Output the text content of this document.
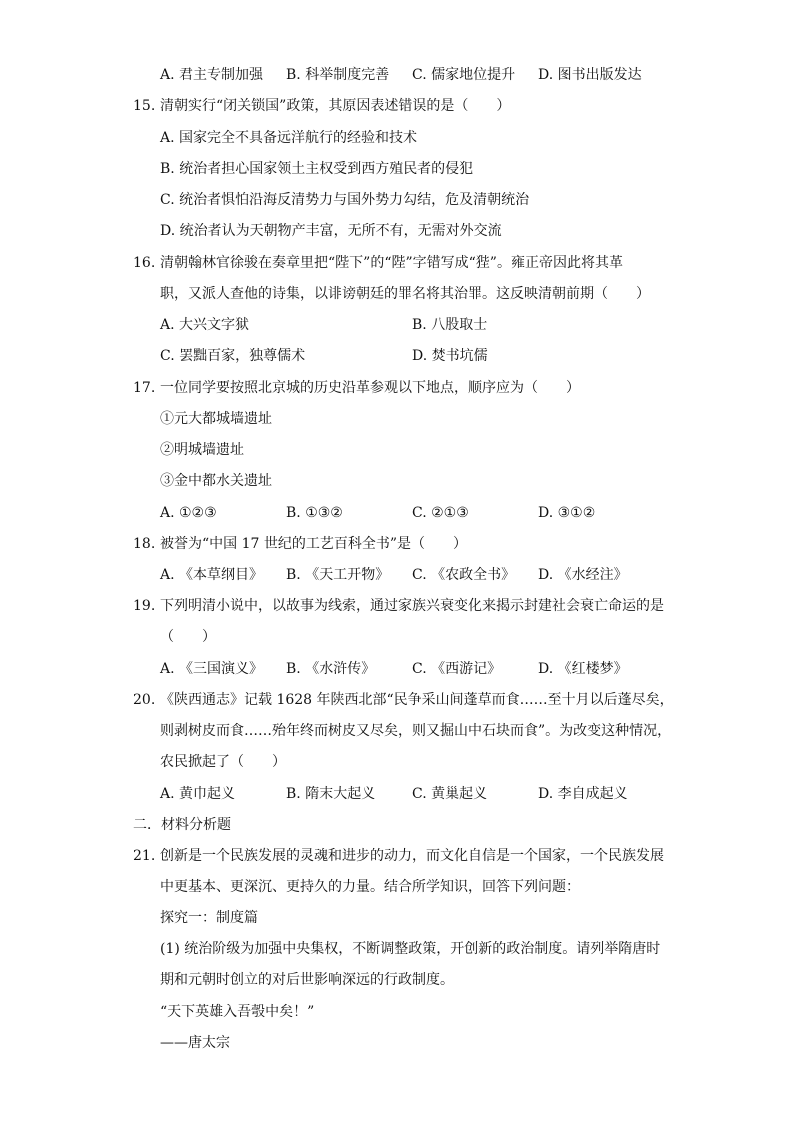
A. 君主专制加强 B. 科举制度完善 C. 儒家地位提升 D. 图书出版发达
15. 清朝实行“闭关锁国”政策，其原因表述错误的是（　　）
A. 国家完全不具备远洋航行的经验和技术
B. 统治者担心国家领土主权受到西方殖民者的侵犯
C. 统治者惧怕沿海反清势力与国外势力勾结，危及清朝统治
D. 统治者认为天朝物产丰富，无所不有，无需对外交流
16. 清朝翰林官徐骏在奏章里把“陛下”的“陛”字错写成“狴”。雍正帝因此将其革
职，又派人查他的诗集，以诽谤朝廷的罪名将其治罪。这反映清朝前期（　　）
A. 大兴文字狱	B. 八股取士
C. 罢黜百家，独尊儒术	D. 焚书坑儒
17. 一位同学要按照北京城的历史沿革参观以下地点，顺序应为（　　）
①元大都城墙遗址
②明城墙遗址
③金中都水关遗址
A. ①②③	B. ①③②	C. ②①③	D. ③①②
18. 被誉为“中国 17 世纪的工艺百科全书”是（　　）
A. 《本草纲目》 B. 《天工开物》 C. 《农政全书》 D. 《水经注》
19. 下列明清小说中，以故事为线索，通过家族兴衰变化来揭示封建社会衰亡命运的是
（　　）
A. 《三国演义》 B. 《水浒传》	C. 《西游记》	D. 《红楼梦》
20. 《陕西通志》记载 1628 年陕西北部“民争采山间蓬草而食……至十月以后蓬尽矣，
则剥树皮而食……殆年终而树皮又尽矣，则又掘山中石块而食”。为改变这种情况，
农民掀起了（　　）
A. 黄巾起义	B. 隋末大起义	C. 黄巢起义	D. 李自成起义
二．材料分析题
21. 创新是一个民族发展的灵魂和进步的动力，而文化自信是一个国家，一个民族发展
中更基本、更深沉、更持久的力量。结合所学知识，回答下列问题：
探究一：制度篇
(1) 统治阶级为加强中央集权，不断调整政策，开创新的政治制度。请列举隋唐时
期和元朝时创立的对后世影响深远的行政制度。
“天下英雄入吾彀中矣！”
——唐太宗
